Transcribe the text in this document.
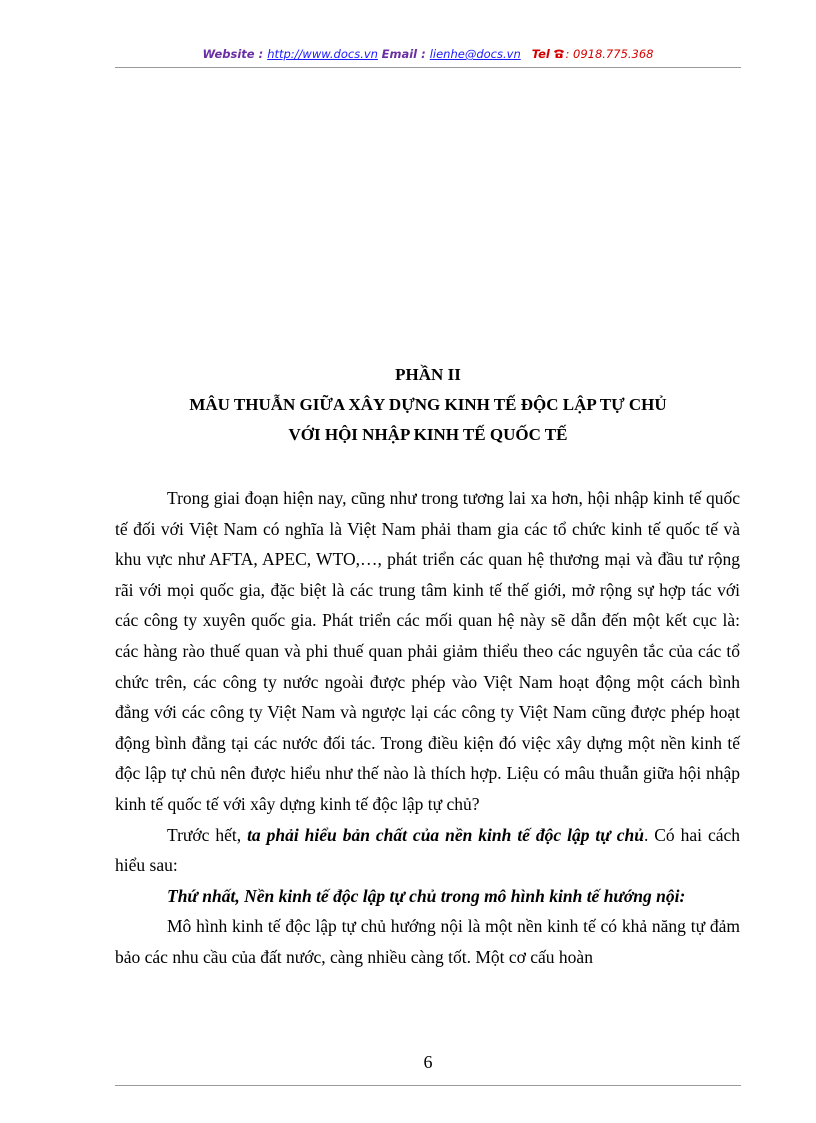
Website : http://www.docs.vn Email : lienhe@docs.vn Tel : 0918.775.368
PHẦN II
MÂU THUẪN GIỮA XÂY DỰNG KINH TẾ ĐỘC LẬP TỰ CHỦ
VỚI HỘI NHẬP KINH TẾ QUỐC TẾ

Trong giai đoạn hiện nay, cũng như trong tương lai xa hơn, hội nhập kinh tế quốc tế đối với Việt Nam có nghĩa là Việt Nam phải tham gia các tổ chức kinh tế quốc tế và khu vực như AFTA, APEC, WTO,…, phát triển các quan hệ thương mại và đầu tư rộng rãi với mọi quốc gia, đặc biệt là các trung tâm kinh tế thế giới, mở rộng sự hợp tác với các công ty xuyên quốc gia. Phát triển các mối quan hệ này sẽ dẫn đến một kết cục là: các hàng rào thuế quan và phi thuế quan phải giảm thiểu theo các nguyên tắc của các tổ chức trên, các công ty nước ngoài được phép vào Việt Nam hoạt động một cách bình đẳng với các công ty Việt Nam và ngược lại các công ty Việt Nam cũng được phép hoạt động bình đẳng tại các nước đối tác. Trong điều kiện đó việc xây dựng một nền kinh tế độc lập tự chủ nên được hiểu như thế nào là thích hợp. Liệu có mâu thuẫn giữa hội nhập kinh tế quốc tế với xây dựng kinh tế độc lập tự chủ?

Trước hết, ta phải hiểu bản chất của nền kinh tế độc lập tự chủ. Có hai cách hiểu sau:

Thứ nhất, Nền kinh tế độc lập tự chủ trong mô hình kinh tế hướng nội:

Mô hình kinh tế độc lập tự chủ hướng nội là một nền kinh tế có khả năng tự đảm bảo các nhu cầu của đất nước, càng nhiều càng tốt. Một cơ cấu hoàn

6
